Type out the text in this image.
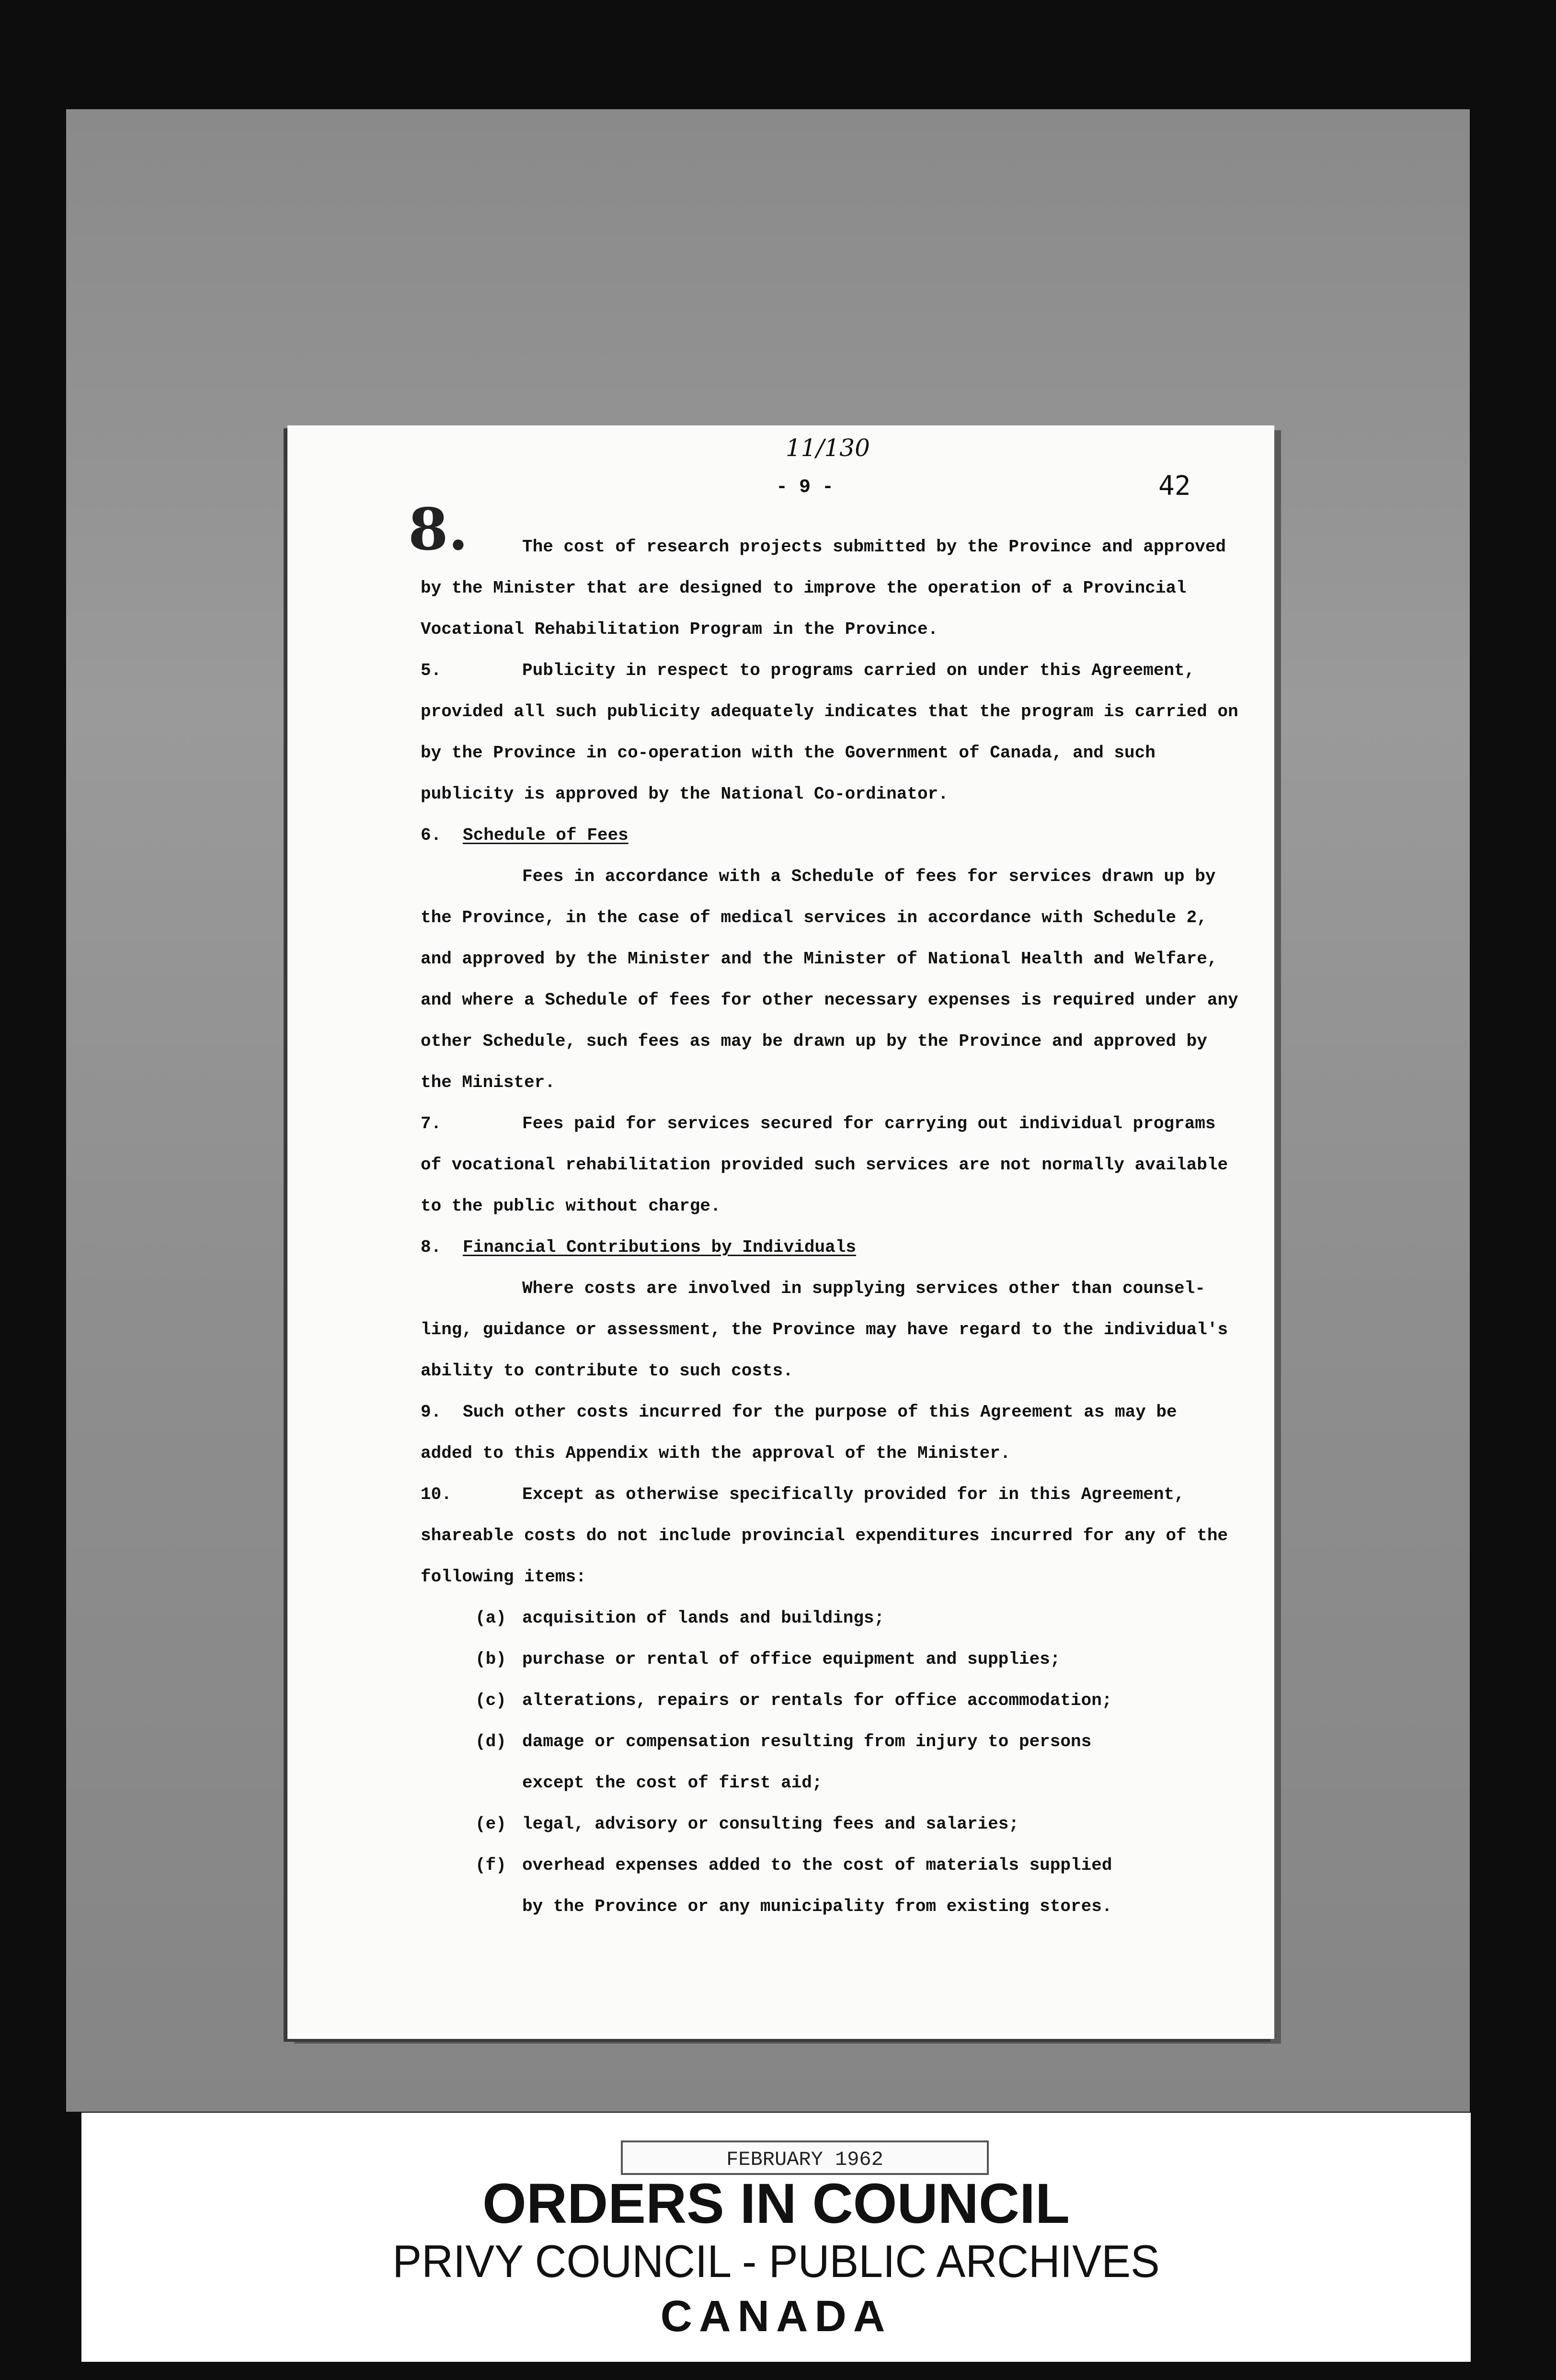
11/130
- 9 -	42
8.	The cost of research projects submitted by the Province and approved
by the Minister that are designed to improve the operation of a Provincial
Vocational Rehabilitation Program in the Province.
5.	Publicity in respect to programs carried on under this Agreement,
provided all such publicity adequately indicates that the program is carried on
by the Province in co-operation with the Government of Canada, and such
publicity is approved by the National Co-ordinator.
6. Schedule of Fees
Fees in accordance with a Schedule of fees for services drawn up by
the Province, in the case of medical services in accordance with Schedule 2,
and approved by the Minister and the Minister of National Health and Welfare,
and where a Schedule of fees for other necessary expenses is required under any
other Schedule, such fees as may be drawn up by the Province and approved by
the Minister.
7.	Fees paid for services secured for carrying out individual programs
of vocational rehabilitation provided such services are not normally available
to the public without charge.
8. Financial Contributions by Individuals
Where costs are involved in supplying services other than counsel-
ling, guidance or assessment, the Province may have regard to the individual's
ability to contribute to such costs.
9. Such other costs incurred for the purpose of this Agreement as may be
added to this Appendix with the approval of the Minister.
10.	Except as otherwise specifically provided for in this Agreement,
shareable costs do not include provincial expenditures incurred for any of the
following items:
(a) acquisition of lands and buildings;
(b) purchase or rental of office equipment and supplies;
(c) alterations, repairs or rentals for office accommodation;
(d) damage or compensation resulting from injury to persons
except the cost of first aid;
(e) legal, advisory or consulting fees and salaries;
(f) overhead expenses added to the cost of materials supplied
by the Province or any municipality from existing stores.
FEBRUARY 1962
ORDERS IN COUNCIL
PRIVY COUNCIL - PUBLIC ARCHIVES
CANADA
